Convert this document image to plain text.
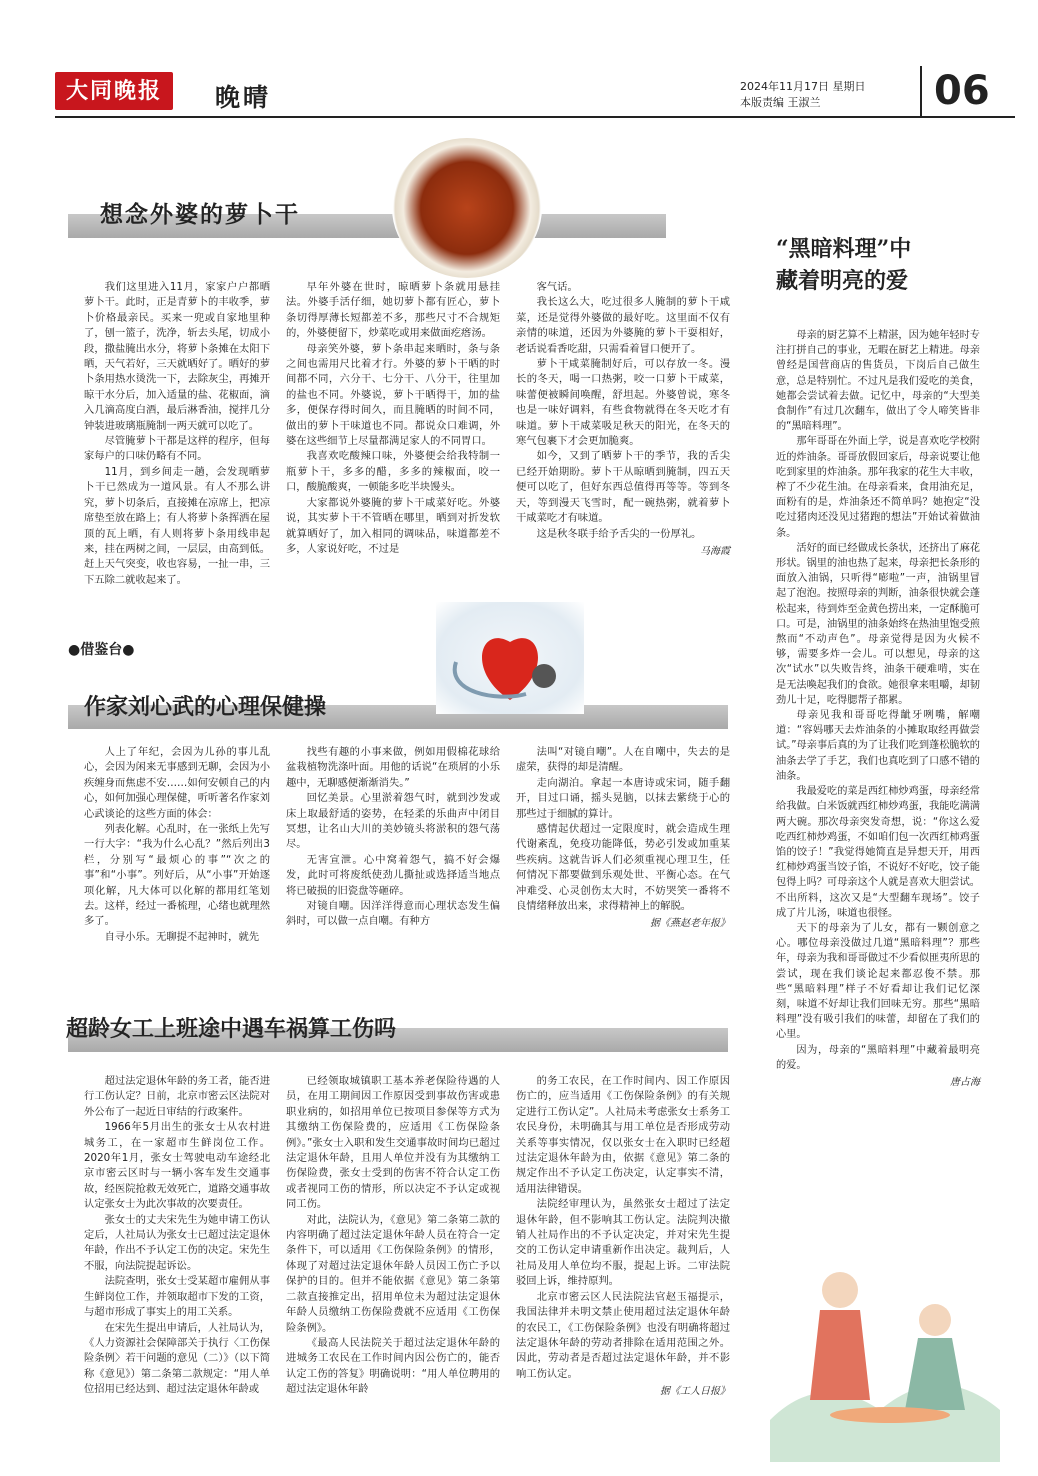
大同晚报	晚晴	2024年11月17日 星期日
本版责编 王淑兰	06
想念外婆的萝卜干

我们这里进入11月，家家户户都晒萝卜干。此时，正是青萝卜的丰收季，萝卜价格最亲民。买来一兜或自家地里种了，刨一篮子，洗净，斩去头尾，切成小段，撒盐腌出水分，将萝卜条摊在太阳下晒，天气若好，三天就晒好了。晒好的萝卜条用热水烫洗一下，去除灰尘，再摊开晾干水分后，加入适量的盐、花椒面，滴入几滴高度白酒，最后淋香油，搅拌几分钟装进玻璃瓶腌制一两天就可以吃了。

尽管腌萝卜干都是这样的程序，但每家每户的口味仍略有不同。

11月，到乡间走一趟，会发现晒萝卜干已然成为一道风景。有人不那么讲究，萝卜切条后，直接摊在凉席上，把凉席垫至放在路上；有人将萝卜条挥洒在屋顶的瓦上晒，有人则将萝卜条用线串起来，挂在两树之间，一层层，由高到低。赶上天气突变，收也容易，一扯一串，三下五除二就收起来了。

早年外婆在世时，晾晒萝卜条就用悬挂法。外婆手活仔细，她切萝卜都有匠心，萝卜条切得厚薄长短都差不多，那些尺寸不合规矩的，外婆便留下，炒菜吃或用来做面疙瘩汤。

母亲笑外婆，萝卜条串起来晒时，条与条之间也需用尺比着才行。外婆的萝卜干晒的时间都不同，六分干、七分干、八分干，往里加的盐也不同。外婆说，萝卜干晒得干，加的盐多，便保存得时间久，而且腌晒的时间不同，做出的萝卜干味道也不同。都说众口难调，外婆在这些细节上尽量都满足家人的不同胃口。

我喜欢吃酸辣口味，外婆便会给我特制一瓶萝卜干，多多的醋，多多的辣椒面，咬一口，酸脆酸爽，一顿能多吃半块馒头。

大家都说外婆腌的萝卜干咸菜好吃。外婆说，其实萝卜干不管晒在哪里，晒到对折发软就算晒好了，加入相同的调味品，味道都差不多，人家说好吃，不过是

客气话。

我长这么大，吃过很多人腌制的萝卜干咸菜，还是觉得外婆做的最好吃。这里面不仅有亲情的味道，还因为外婆腌的萝卜干耍相好，老话说看香吃甜，只需看着冒口便开了。

萝卜干咸菜腌制好后，可以存放一冬。漫长的冬天，喝一口热粥，咬一口萝卜干咸菜，味蕾便被瞬间唤醒，舒坦起。外婆曾说，寒冬也是一味好调料，有些食物就得在冬天吃才有味道。萝卜干咸菜吸足秋天的阳光，在冬天的寒气包裹下才会更加脆爽。

如今，又到了晒萝卜干的季节，我的舌尖已经开始期盼。萝卜干从晾晒到腌制，四五天便可以吃了，但好东西总值得再等等。等到冬天，等到漫天飞雪时，配一碗热粥，就着萝卜干咸菜吃才有味道。

这是秋冬联手给予舌尖的一份厚礼。

马海霞
●借鉴台●
作家刘心武的心理保健操

人上了年纪，会因为儿孙的事儿乱心，会因为闲来无事感到无聊，会因为小疾缠身而焦虑不安……如何安顿自己的内心，如何加强心理保健，听听著名作家刘心武谈论的这些方面的体会：

列表化解。心乱时，在一张纸上先写一行大字：“我为什么心乱？”然后列出3栏，分别写“最烦心的事”“次之的事”和“小事”。列好后，从“小事”开始逐项化解，凡大体可以化解的都用红笔划去。这样，经过一番梳理，心绪也就理然多了。

自寻小乐。无聊提不起神时，就先

找些有趣的小事来做，例如用假棉花球给盆栽植物洗涤叶面。用他的话说“在琐屑的小乐趣中，无聊感便渐渐消失。”

回忆美景。心里淤着怨气时，就到沙发或床上取最舒适的姿势，在轻柔的乐曲声中闭目冥想，让名山大川的美妙镜头将淤积的怨气荡尽。

无害宣泄。心中窝着怨气，搞不好会爆发，此时可将废纸使劲儿撕扯或选择适当地点将已破损的旧瓷盘等砸碎。

对镜自嘲。因洋洋得意而心理状态发生偏斜时，可以做一点自嘲。有种方

法叫“对镜自嘲”。人在自嘲中，失去的是虚荣，获得的却是清醒。

走向湖泊。拿起一本唐诗或宋词，随手翻开，目过口诵，摇头晃脑，以抹去紫绕于心的那些过于细腻的算计。

感情起伏超过一定限度时，就会造成生理代谢紊乱，免疫功能降低，势必引发或加重某些疾病。这就告诉人们必须重视心理卫生，任何情况下都要做到乐观处世、平衡心态。在气冲难受、心灵创伤太大时，不妨哭笑一番将不良情绪释放出来，求得精神上的解脱。

据《燕赵老年报》
超龄女工上班途中遇车祸算工伤吗

超过法定退休年龄的务工者，能否进行工伤认定？日前，北京市密云区法院对外公布了一起近日审结的行政案件。

1966年5月出生的张女士从农村进城务工，在一家超市生鲜岗位工作。2020年1月，张女士驾驶电动车途经北京市密云区时与一辆小客车发生交通事故，经医院抢救无效死亡，道路交通事故认定张女士为此次事故的次要责任。

张女士的丈夫宋先生为她申请工伤认定后，人社局认为张女士已超过法定退休年龄，作出不予认定工伤的决定。宋先生不服，向法院提起诉讼。

法院查明，张女士受某超市雇佣从事生鲜岗位工作，并领取超市下发的工资，与超市形成了事实上的用工关系。

在宋先生提出申请后，人社局认为，《人力资源社会保障部关于执行〈工伤保险条例〉若干问题的意见（二）》（以下简称《意见》）第二条第二款规定：“用人单位招用已经达到、超过法定退休年龄或

已经领取城镇职工基本养老保险待遇的人员，在用工期间因工作原因受到事故伤害或患职业病的，如招用单位已按项目参保等方式为其缴纳工伤保险费的，应适用《工伤保险条例》。”张女士入职和发生交通事故时间均已超过法定退休年龄，且用人单位并没有为其缴纳工伤保险费，张女士受到的伤害不符合认定工伤或者视同工伤的情形，所以决定不予认定或视同工伤。

对此，法院认为，《意见》第二条第二款的内容明确了超过法定退休年龄人员在符合一定条件下，可以适用《工伤保险条例》的情形，体现了对超过法定退休年龄人员因工伤亡予以保护的目的。但并不能依据《意见》第二条第二款直接推定出，招用单位未为超过法定退休年龄人员缴纳工伤保险费就不应适用《工伤保险条例》。

《最高人民法院关于超过法定退休年龄的进城务工农民在工作时间内因公伤亡的，能否认定工伤的答复》明确说明：“用人单位聘用的超过法定退休年龄

的务工农民，在工作时间内、因工作原因伤亡的，应当适用《工伤保险条例》的有关规定进行工伤认定”。人社局未考虑张女士系务工农民身份，未明确其与用工单位是否形成劳动关系等事实情况，仅以张女士在入职时已经超过法定退休年龄为由，依据《意见》第二条的规定作出不予认定工伤决定，认定事实不清，适用法律错误。

法院经审理认为，虽然张女士超过了法定退休年龄，但不影响其工伤认定。法院判决撤销人社局作出的不予认定决定，并对宋先生提交的工伤认定申请重新作出决定。裁判后，人社局及用人单位均不服，提起上诉。二审法院驳回上诉，维持原判。

北京市密云区人民法院法官赵玉福提示，我国法律并未明文禁止使用超过法定退休年龄的农民工，《工伤保险条例》也没有明确将超过法定退休年龄的劳动者排除在适用范围之外。因此，劳动者是否超过法定退休年龄，并不影响工伤认定。

据《工人日报》
“黑暗料理”中
藏着明亮的爱

母亲的厨艺算不上精湛，因为她年轻时专注打拼自己的事业，无暇在厨艺上精进。母亲曾经是国营商店的售货员，下岗后自己做生意，总是特别忙。不过凡是我们爱吃的美食，她都会尝试着去做。记忆中，母亲的“大型美食制作”有过几次翻车，做出了令人啼笑皆非的“黑暗料理”。

那年哥哥在外面上学，说是喜欢吃学校附近的炸油条。哥哥放假回家后，母亲说要让他吃到家里的炸油条。那年我家的花生大丰收，榨了不少花生油。在母亲看来，食用油充足，面粉有的是，炸油条还不简单吗？她抱定“没吃过猪肉还没见过猪跑的想法”开始试着做油条。

活好的面已经做成长条状，还挤出了麻花形状。锅里的油也热了起来，母亲把长条形的面放入油锅，只听得“嘭啦”一声，油锅里冒起了泡泡。按照母亲的判断，油条很快就会蓬松起来，待到炸至金黄色捞出来，一定酥脆可口。可是，油锅里的油条始终在热油里饱受煎熬而“不动声色”。母亲觉得是因为火候不够，需要多炸一会儿。可以想见，母亲的这次“试水”以失败告终，油条干硬难啃，实在是无法喚起我们的食欲。她很拿来咀嚼，却韧劲儿十足，吃得腮帮子都累。

母亲见我和哥哥吃得龇牙咧嘴，解嘲道：“容妈哪天去炸油条的小摊取取经再做尝试。”母亲事后真的为了让我们吃到蓬松脆软的油条去学了手艺，我们也真吃到了口感不错的油条。

我最爱吃的菜是西红柿炒鸡蛋，母亲经常给我做。白米饭就西红柿炒鸡蛋，我能吃满满两大碗。那次母亲突发奇想，说：“你这么爱吃西红柿炒鸡蛋，不如咱们包一次西红柿鸡蛋馅的饺子！”我觉得她简直是异想天开，用西红柿炒鸡蛋当饺子馅，不说好不好吃，饺子能包得上吗？可母亲这个人就是喜欢大胆尝试。不出所料，这次又是“大型翻车现场”。饺子成了片儿汤，味道也很怪。

天下的母亲为了儿女，都有一颗创意之心。哪位母亲没做过几道“黑暗料理”？那些年，母亲为我和哥哥做过不少看似匪夷所思的尝试，现在我们谈论起来都忍俊不禁。那些“黑暗料理”样子不好看却让我们记忆深刻，味道不好却让我们回味无穷。那些“黑暗料理”没有吸引我们的味蕾，却留在了我们的心里。

因为，母亲的“黑暗料理”中藏着最明亮的爱。

唐占海
